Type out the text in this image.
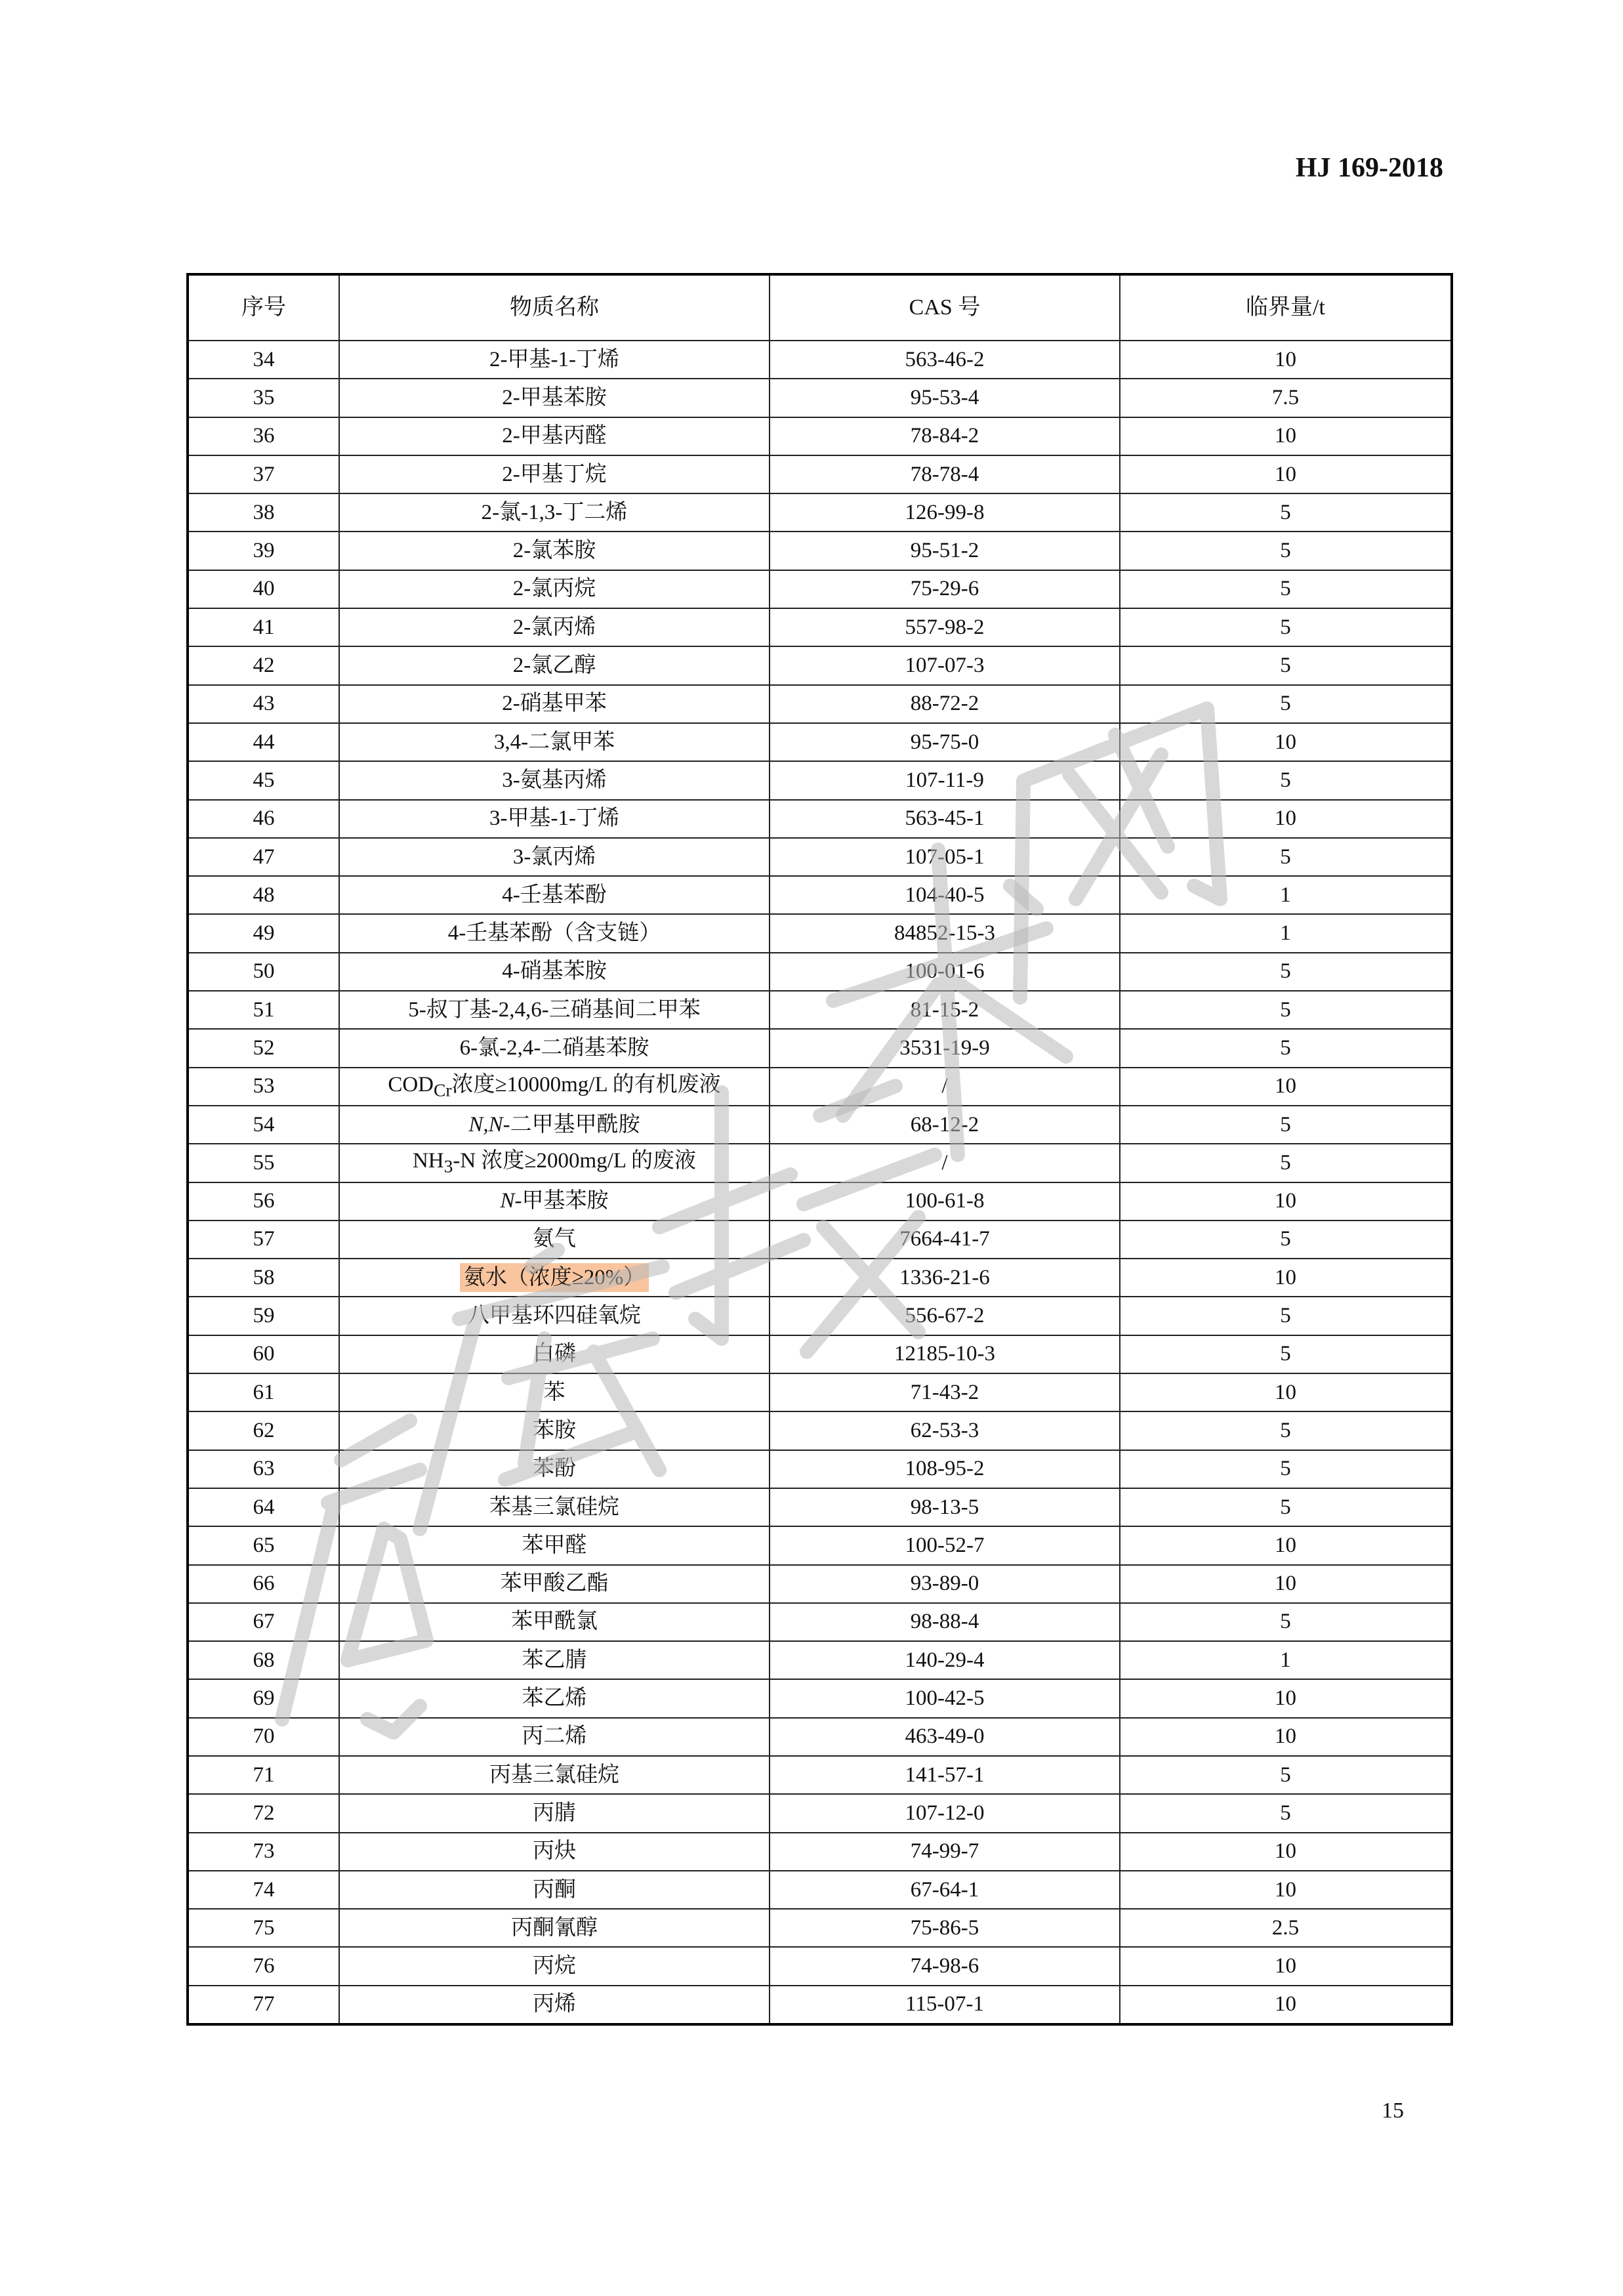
HJ 169-2018
序号	物质名称	CAS 号	临界量/t
34	2-甲基-1-丁烯	563-46-2	10
35	2-甲基苯胺	95-53-4	7.5
36	2-甲基丙醛	78-84-2	10
37	2-甲基丁烷	78-78-4	10
38	2-氯-1,3-丁二烯	126-99-8	5
39	2-氯苯胺	95-51-2	5
40	2-氯丙烷	75-29-6	5
41	2-氯丙烯	557-98-2	5
42	2-氯乙醇	107-07-3	5
43	2-硝基甲苯	88-72-2	5
44	3,4-二氯甲苯	95-75-0	10
45	3-氨基丙烯	107-11-9	5
46	3-甲基-1-丁烯	563-45-1	10
47	3-氯丙烯	107-05-1	5
48	4-壬基苯酚	104-40-5	1
49	4-壬基苯酚（含支链）	84852-15-3	1
50	4-硝基苯胺	100-01-6	5
51	5-叔丁基-2,4,6-三硝基间二甲苯	81-15-2	5
52	6-氯-2,4-二硝基苯胺	3531-19-9	5
53	$COD_{Cr}$浓度≥10000mg/L 的有机废液	/	10
54	N,N-二甲基甲酰胺	68-12-2	5
55	$NH_3-N$ 浓度≥2000mg/L 的废液	/	5
56	N-甲基苯胺	100-61-8	10
57	氨气	7664-41-7	5
58	氨水（浓度≥20%）	1336-21-6	10
59	八甲基环四硅氧烷	556-67-2	5
60	白磷	12185-10-3	5
61	苯	71-43-2	10
62	苯胺	62-53-3	5
63	苯酚	108-95-2	5
64	苯基三氯硅烷	98-13-5	5
65	苯甲醛	100-52-7	10
66	苯甲酸乙酯	93-89-0	10
67	苯甲酰氯	98-88-4	5
68	苯乙腈	140-29-4	1
69	苯乙烯	100-42-5	10
70	丙二烯	463-49-0	10
71	丙基三氯硅烷	141-57-1	5
72	丙腈	107-12-0	5
73	丙炔	74-99-7	10
74	丙酮	67-64-1	10
75	丙酮氰醇	75-86-5	2.5
76	丙烷	74-98-6	10
77	丙烯	115-07-1	10
危废技术网
15
